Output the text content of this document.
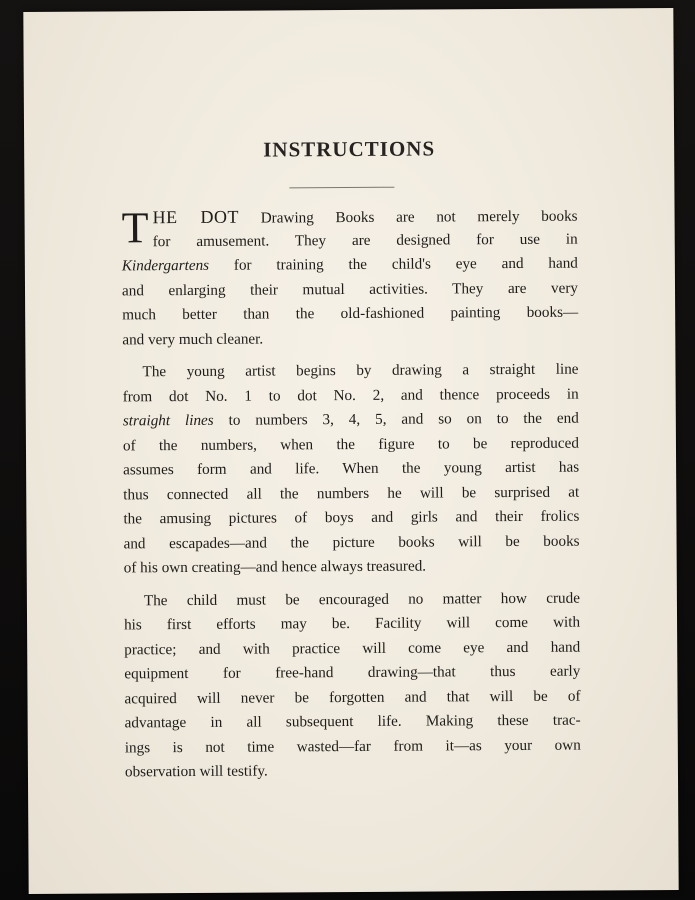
INSTRUCTIONS
T HE DOT Drawing Books are not merely books
for amusement. They are designed for use in
Kindergartens for training the child's eye and hand
and enlarging their mutual activities. They are very
much better than the old-fashioned painting books—
and very much cleaner.
The young artist begins by drawing a straight line
from dot No. 1 to dot No. 2, and thence proceeds in
straight lines to numbers 3, 4, 5, and so on to the end
of the numbers, when the figure to be reproduced
assumes form and life. When the young artist has
thus connected all the numbers he will be surprised at
the amusing pictures of boys and girls and their frolics
and escapades—and the picture books will be books
of his own creating—and hence always treasured.
The child must be encouraged no matter how crude
his first efforts may be. Facility will come with
practice; and with practice will come eye and hand
equipment for free-hand drawing—that thus early
acquired will never be forgotten and that will be of
advantage in all subsequent life. Making these trac-
ings is not time wasted—far from it—as your own
observation will testify.
